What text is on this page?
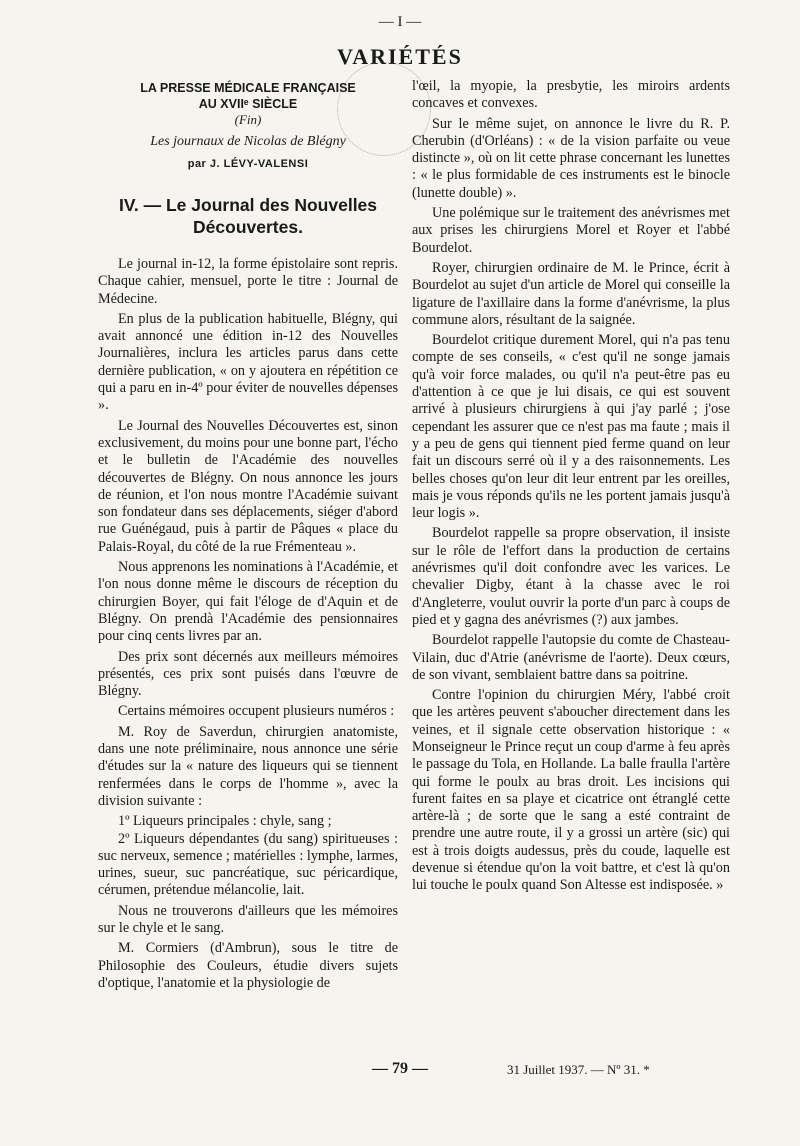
— I —
VARIÉTÉS
LA PRESSE MÉDICALE FRANÇAISE
AU XVIIᵉ SIÈCLE
(Fin)
Les journaux de Nicolas de Blégny
par J. LÉVY-VALENSI
IV. — Le Journal des Nouvelles
Découvertes.

Le journal in-12, la forme épistolaire sont repris. Chaque cahier, mensuel, porte le titre : Journal de Médecine.

En plus de la publication habituelle, Blégny, qui avait annoncé une édition in-12 des Nouvelles Journalières, inclura les articles parus dans cette dernière publication, « on y ajoutera en répétition ce qui a paru en in-4º pour éviter de nouvelles dépenses ».

Le Journal des Nouvelles Découvertes est, sinon exclusivement, du moins pour une bonne part, l'écho et le bulletin de l'Académie des nouvelles découvertes de Blégny. On nous annonce les jours de réunion, et l'on nous montre l'Académie suivant son fondateur dans ses déplacements, siéger d'abord rue Guénégaud, puis à partir de Pâques « place du Palais-Royal, du côté de la rue Frémenteau ».

Nous apprenons les nominations à l'Académie, et l'on nous donne même le discours de réception du chirurgien Boyer, qui fait l'éloge de d'Aquin et de Blégny. On prendà l'Académie des pensionnaires pour cinq cents livres par an.

Des prix sont décernés aux meilleurs mémoires présentés, ces prix sont puisés dans l'œuvre de Blégny.

Certains mémoires occupent plusieurs numéros :

M. Roy de Saverdun, chirurgien anatomiste, dans une note préliminaire, nous annonce une série d'études sur la « nature des liqueurs qui se tiennent renfermées dans le corps de l'homme », avec la division suivante :

1º Liqueurs principales : chyle, sang ;

2º Liqueurs dépendantes (du sang) spiritueuses : suc nerveux, semence ; matérielles : lymphe, larmes, urines, sueur, suc pancréatique, suc péricardique, cérumen, prétendue mélancolie, lait.

Nous ne trouverons d'ailleurs que les mémoires sur le chyle et le sang.

M. Cormiers (d'Ambrun), sous le titre de Philosophie des Couleurs, étudie divers sujets d'optique, l'anatomie et la physiologie de

l'œil, la myopie, la presbytie, les miroirs ardents concaves et convexes.

Sur le même sujet, on annonce le livre du R. P. Cherubin (d'Orléans) : « de la vision parfaite ou veue distincte », où on lit cette phrase concernant les lunettes : « le plus formidable de ces instruments est le binocle (lunette double) ».

Une polémique sur le traitement des anévrismes met aux prises les chirurgiens Morel et Royer et l'abbé Bourdelot.

Royer, chirurgien ordinaire de M. le Prince, écrit à Bourdelot au sujet d'un article de Morel qui conseille la ligature de l'axillaire dans la forme d'anévrisme, la plus commune alors, résultant de la saignée.

Bourdelot critique durement Morel, qui n'a pas tenu compte de ses conseils, « c'est qu'il ne songe jamais qu'à voir force malades, ou qu'il n'a peut-être pas eu d'attention à ce que je lui disais, ce qui est souvent arrivé à plusieurs chirurgiens à qui j'ay parlé ; j'ose cependant les assurer que ce n'est pas ma faute ; mais il y a peu de gens qui tiennent pied ferme quand on leur fait un discours serré où il y a des raisonnements. Les belles choses qu'on leur dit leur entrent par les oreilles, mais je vous réponds qu'ils ne les portent jamais jusqu'à leur logis ».

Bourdelot rappelle sa propre observation, il insiste sur le rôle de l'effort dans la production de certains anévrismes qu'il doit confondre avec les varices. Le chevalier Digby, étant à la chasse avec le roi d'Angleterre, voulut ouvrir la porte d'un parc à coups de pied et y gagna des anévrismes (?) aux jambes.

Bourdelot rappelle l'autopsie du comte de Chasteau-Vilain, duc d'Atrie (anévrisme de l'aorte). Deux cœurs, de son vivant, semblaient battre dans sa poitrine.

Contre l'opinion du chirurgien Méry, l'abbé croit que les artères peuvent s'aboucher directement dans les veines, et il signale cette observation historique : « Monseigneur le Prince reçut un coup d'arme à feu après le passage du Tola, en Hollande. La balle fraulla l'artère qui forme le poulx au bras droit. Les incisions qui furent faites en sa playe et cicatrice ont étranglé cette artère-là ; de sorte que le sang a esté contraint de prendre une autre route, il y a grossi un artère (sic) qui est à trois doigts audessus, près du coude, laquelle est devenue si étendue qu'on la voit battre, et c'est là qu'on lui touche le poulx quand Son Altesse est indisposée. »

— 79 —	31 Juillet 1937. — Nº 31. *
